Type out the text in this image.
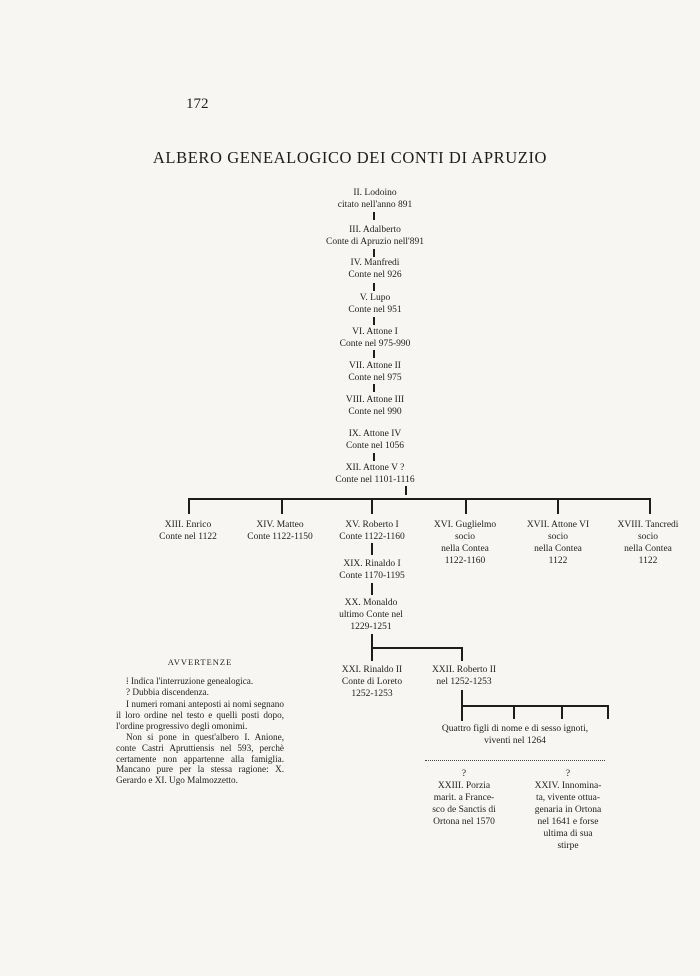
172
ALBERO GENEALOGICO DEI CONTI DI APRUZIO
II. Lodoino
citato nell'anno 891
III. Adalberto
Conte di Apruzio nell'891
IV. Manfredi
Conte nel 926
V. Lupo
Conte nel 951
VI. Attone I
Conte nel 975-990
VII. Attone II
Conte nel 975
VIII. Attone III
Conte nel 990
IX. Attone IV
Conte nel 1056
XII. Attone V ?
Conte nel 1101-1116
XIII. Enrico
Conte nel 1122
XIV. Matteo
Conte 1122-1150
XV. Roberto I
Conte 1122-1160
XVI. Guglielmo
socio
nella Contea
1122-1160
XVII. Attone VI
socio
nella Contea
1122
XVIII. Tancredi
socio
nella Contea
1122
XIX. Rinaldo I
Conte 1170-1195
XX. Monaldo
ultimo Conte nel
1229-1251
XXI. Rinaldo II
Conte di Loreto
1252-1253
XXII. Roberto II
nel 1252-1253
Quattro figli di nome e di sesso ignoti,
viventi nel 1264
?
XXIII. Porzia
marit. a France-
sco de Sanctis di
Ortona nel 1570
?
XXIV. Innomina-
ta, vivente ottua-
genaria in Ortona
nel 1641 e forse
ultima di sua
stirpe
AVVERTENZE

⁞ Indica l'interruzione genealogica.

? Dubbia discendenza.

I numeri romani anteposti ai nomi segnano il loro ordine nel testo e quelli posti dopo, l'ordine progressivo degli omonimi.

Non si pone in quest'albero I. Anione, conte Castri Apruttiensis nel 593, perchè certamente non appartenne alla famiglia. Mancano pure per la stessa ragione: X. Gerardo e XI. Ugo Malmozzetto.
